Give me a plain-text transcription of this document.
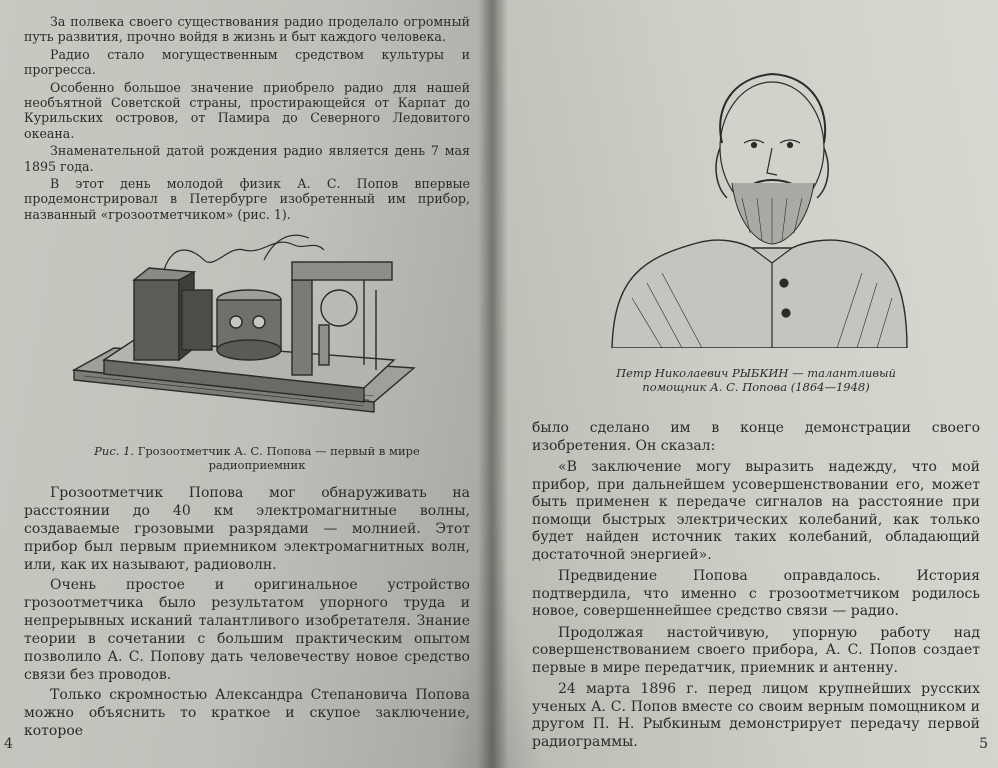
За полвека своего существования радио проделало огромный путь развития, прочно войдя в жизнь и быт каждого человека.

Радио стало могущественным средством культуры и прогресса.

Особенно большое значение приобрело радио для нашей необъятной Советской страны, простирающейся от Карпат до Курильских островов, от Памира до Северного Ледовитого океана.

Знаменательной датой рождения радио является день 7 мая 1895 года.

В этот день молодой физик А. С. Попов впервые продемонстрировал в Петербурге изобретенный им прибор, названный «грозоотметчиком» (рис. 1).

Рис. 1. Грозоотметчик А. С. Попова — первый в мире радиоприемник

Грозоотметчик Попова мог обнаруживать на расстоянии до 40 км электромагнитные волны, создаваемые грозовыми разрядами — молнией. Этот прибор был первым приемником электромагнитных волн, или, как их называют, радиоволн.

Очень простое и оригинальное устройство грозоотметчика было результатом упорного труда и непрерывных исканий талантливого изобретателя. Знание теории в сочетании с большим практическим опытом позволило А. С. Попову дать человечеству новое средство связи без проводов.

Только скромностью Александра Степановича Попова можно объяснить то краткое и скупое заключение, которое

4
Петр Николаевич РЫБКИН — талантливый
помощник А. С. Попова (1864—1948)

было сделано им в конце демонстрации своего изобретения. Он сказал:

«В заключение могу выразить надежду, что мой прибор, при дальнейшем усовершенствовании его, может быть применен к передаче сигналов на расстояние при помощи быстрых электрических колебаний, как только будет найден источник таких колебаний, обладающий достаточной энергией».

Предвидение Попова оправдалось. История подтвердила, что именно с грозоотметчиком родилось новое, совершеннейшее средство связи — радио.

Продолжая настойчивую, упорную работу над совершенствованием своего прибора, А. С. Попов создает первые в мире передатчик, приемник и антенну.

24 марта 1896 г. перед лицом крупнейших русских ученых А. С. Попов вместе со своим верным помощником и другом П. Н. Рыбкиным демонстрирует передачу первой радиограммы.	5
